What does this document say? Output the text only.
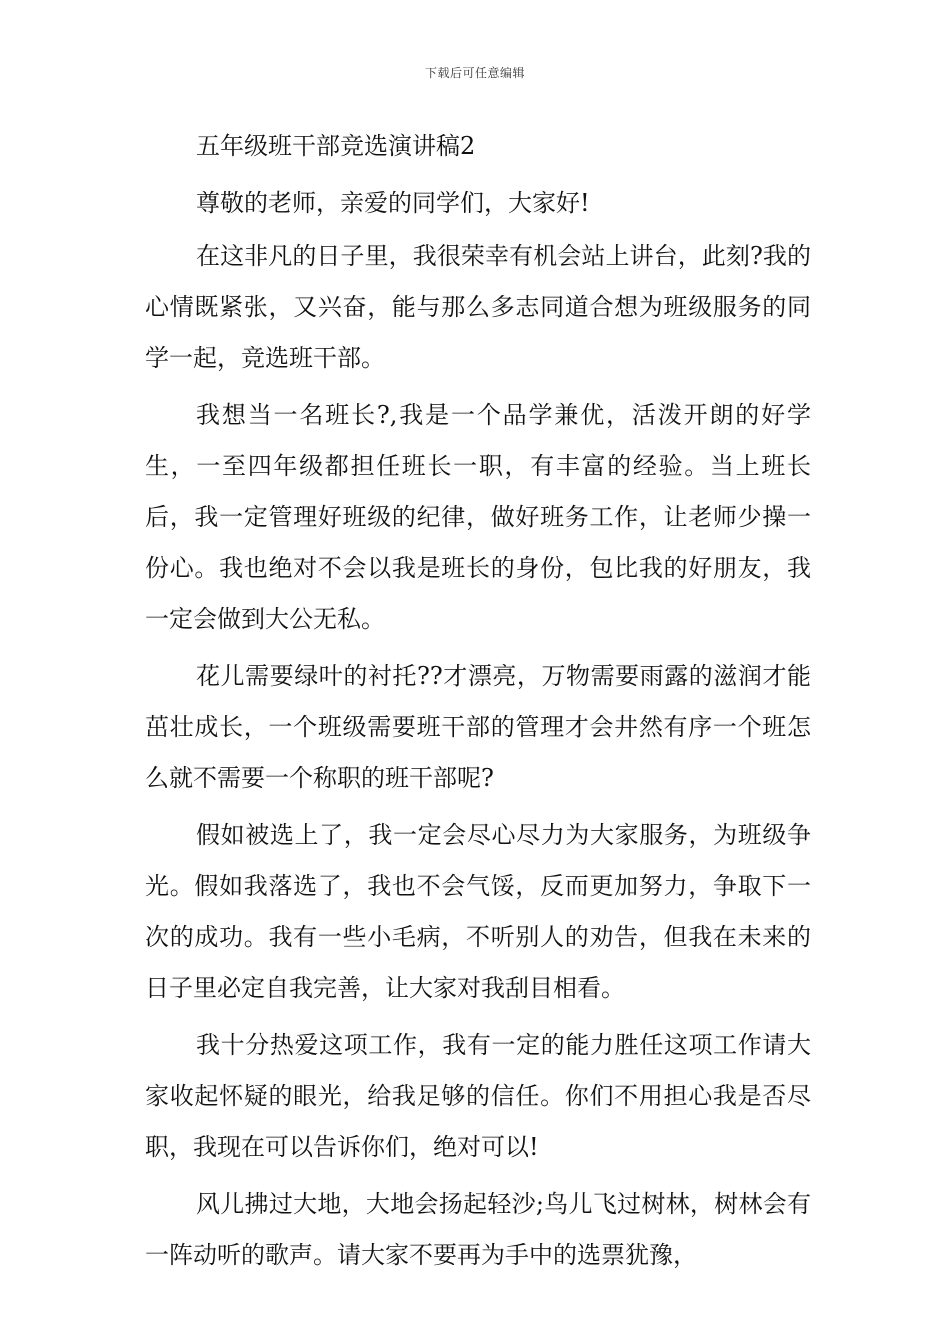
下载后可任意编辑
五年级班干部竞选演讲稿2

尊敬的老师，亲爱的同学们，大家好!

在这非凡的日子里，我很荣幸有机会站上讲台，此刻?我的心情既紧张，又兴奋，能与那么多志同道合想为班级服务的同学一起，竞选班干部。

我想当一名班长?,我是一个品学兼优，活泼开朗的好学生，一至四年级都担任班长一职，有丰富的经验。当上班长后，我一定管理好班级的纪律，做好班务工作，让老师少操一份心。我也绝对不会以我是班长的身份，包比我的好朋友，我一定会做到大公无私。

花儿需要绿叶的衬托??才漂亮，万物需要雨露的滋润才能茁壮成长，一个班级需要班干部的管理才会井然有序一个班怎么就不需要一个称职的班干部呢?

假如被选上了，我一定会尽心尽力为大家服务，为班级争光。假如我落选了，我也不会气馁，反而更加努力，争取下一次的成功。我有一些小毛病，不听别人的劝告，但我在未来的日子里必定自我完善，让大家对我刮目相看。

我十分热爱这项工作，我有一定的能力胜任这项工作请大家收起怀疑的眼光，给我足够的信任。你们不用担心我是否尽职，我现在可以告诉你们，绝对可以!

风儿拂过大地，大地会扬起轻沙;鸟儿飞过树林，树林会有一阵动听的歌声。请大家不要再为手中的选票犹豫，
